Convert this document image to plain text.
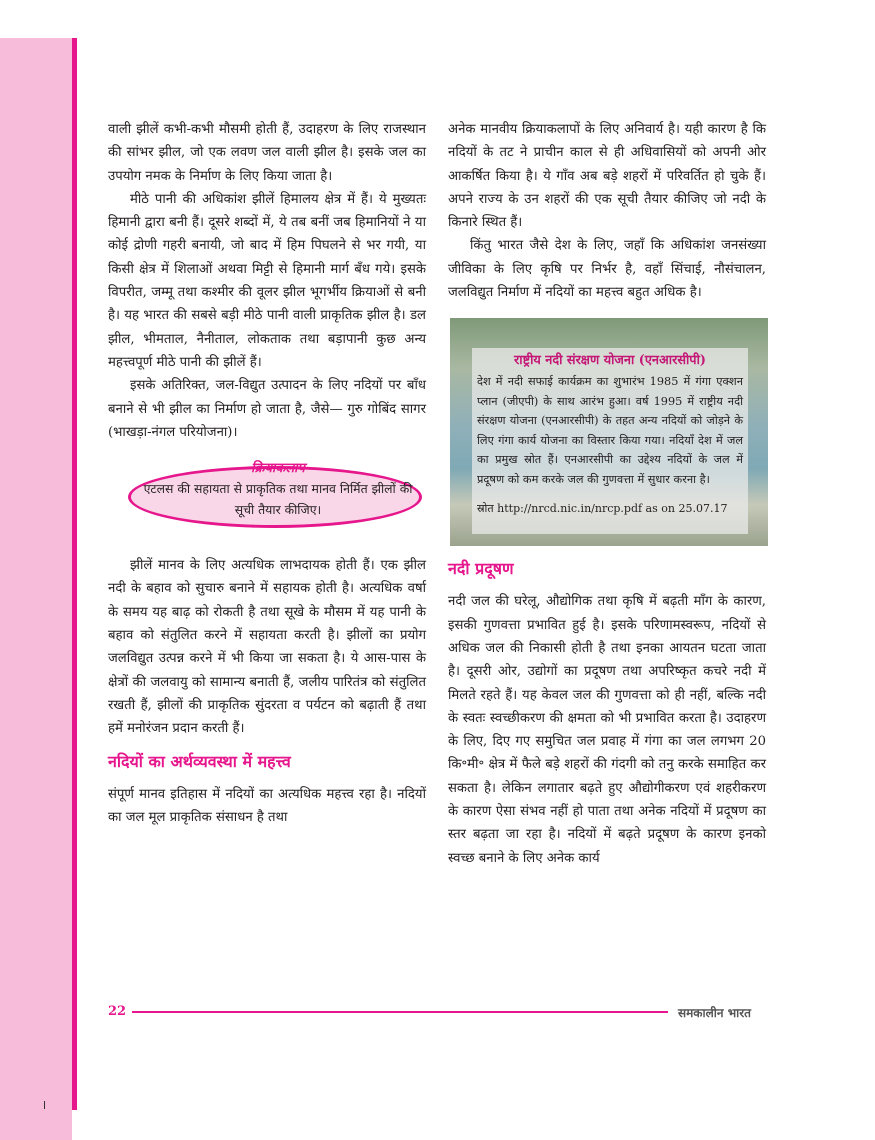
वाली झीलें कभी-कभी मौसमी होती हैं, उदाहरण के लिए राजस्थान की सांभर झील, जो एक लवण जल वाली झील है। इसके जल का उपयोग नमक के निर्माण के लिए किया जाता है।

मीठे पानी की अधिकांश झीलें हिमालय क्षेत्र में हैं। ये मुख्यतः हिमानी द्वारा बनी हैं। दूसरे शब्दों में, ये तब बनीं जब हिमानियों ने या कोई द्रोणी गहरी बनायी, जो बाद में हिम पिघलने से भर गयी, या किसी क्षेत्र में शिलाओं अथवा मिट्टी से हिमानी मार्ग बँध गये। इसके विपरीत, जम्मू तथा कश्मीर की वूलर झील भूगर्भीय क्रियाओं से बनी है। यह भारत की सबसे बड़ी मीठे पानी वाली प्राकृतिक झील है। डल झील, भीमताल, नैनीताल, लोकताक तथा बड़ापानी कुछ अन्य महत्त्वपूर्ण मीठे पानी की झीलें हैं।

इसके अतिरिक्त, जल-विद्युत उत्पादन के लिए नदियों पर बाँध बनाने से भी झील का निर्माण हो जाता है, जैसे— गुरु गोबिंद सागर (भाखड़ा-नंगल परियोजना)।

क्रियाकलाप
एटलस की सहायता से प्राकृतिक तथा मानव निर्मित झीलों की सूची तैयार कीजिए।

झीलें मानव के लिए अत्यधिक लाभदायक होती हैं। एक झील नदी के बहाव को सुचारु बनाने में सहायक होती है। अत्यधिक वर्षा के समय यह बाढ़ को रोकती है तथा सूखे के मौसम में यह पानी के बहाव को संतुलित करने में सहायता करती है। झीलों का प्रयोग जलविद्युत उत्पन्न करने में भी किया जा सकता है। ये आस-पास के क्षेत्रों की जलवायु को सामान्य बनाती हैं, जलीय पारितंत्र को संतुलित रखती हैं, झीलों की प्राकृतिक सुंदरता व पर्यटन को बढ़ाती हैं तथा हमें मनोरंजन प्रदान करती हैं।

नदियों का अर्थव्यवस्था में महत्त्व

संपूर्ण मानव इतिहास में नदियों का अत्यधिक महत्त्व रहा है। नदियों का जल मूल प्राकृतिक संसाधन है तथा

अनेक मानवीय क्रियाकलापों के लिए अनिवार्य है। यही कारण है कि नदियों के तट ने प्राचीन काल से ही अधिवासियों को अपनी ओर आकर्षित किया है। ये गाँव अब बड़े शहरों में परिवर्तित हो चुके हैं। अपने राज्य के उन शहरों की एक सूची तैयार कीजिए जो नदी के किनारे स्थित हैं।

किंतु भारत जैसे देश के लिए, जहाँ कि अधिकांश जनसंख्या जीविका के लिए कृषि पर निर्भर है, वहाँ सिंचाई, नौसंचालन, जलविद्युत निर्माण में नदियों का महत्त्व बहुत अधिक है।

राष्ट्रीय नदी संरक्षण योजना (एनआरसीपी)
देश में नदी सफाई कार्यक्रम का शुभारंभ 1985 में गंगा एक्शन प्लान (जीएपी) के साथ आरंभ हुआ। वर्ष 1995 में राष्ट्रीय नदी संरक्षण योजना (एनआरसीपी) के तहत अन्य नदियों को जोड़ने के लिए गंगा कार्य योजना का विस्तार किया गया। नदियाँ देश में जल का प्रमुख स्रोत हैं। एनआरसीपी का उद्देश्य नदियों के जल में प्रदूषण को कम करके जल की गुणवत्ता में सुधार करना है।
स्रोत http://nrcd.nic.in/nrcp.pdf as on 25.07.17
नदी प्रदूषण

नदी जल की घरेलू, औद्योगिक तथा कृषि में बढ़ती माँग के कारण, इसकी गुणवत्ता प्रभावित हुई है। इसके परिणामस्वरूप, नदियों से अधिक जल की निकासी होती है तथा इनका आयतन घटता जाता है। दूसरी ओर, उद्योगों का प्रदूषण तथा अपरिष्कृत कचरे नदी में मिलते रहते हैं। यह केवल जल की गुणवत्ता को ही नहीं, बल्कि नदी के स्वतः स्वच्छीकरण की क्षमता को भी प्रभावित करता है। उदाहरण के लिए, दिए गए समुचित जल प्रवाह में गंगा का जल लगभग 20 कि॰मी॰ क्षेत्र में फैले बड़े शहरों की गंदगी को तनु करके समाहित कर सकता है। लेकिन लगातार बढ़ते हुए औद्योगीकरण एवं शहरीकरण के कारण ऐसा संभव नहीं हो पाता तथा अनेक नदियों में प्रदूषण का स्तर बढ़ता जा रहा है। नदियों में बढ़ते प्रदूषण के कारण इनको स्वच्छ बनाने के लिए अनेक कार्य

22	समकालीन भारत
